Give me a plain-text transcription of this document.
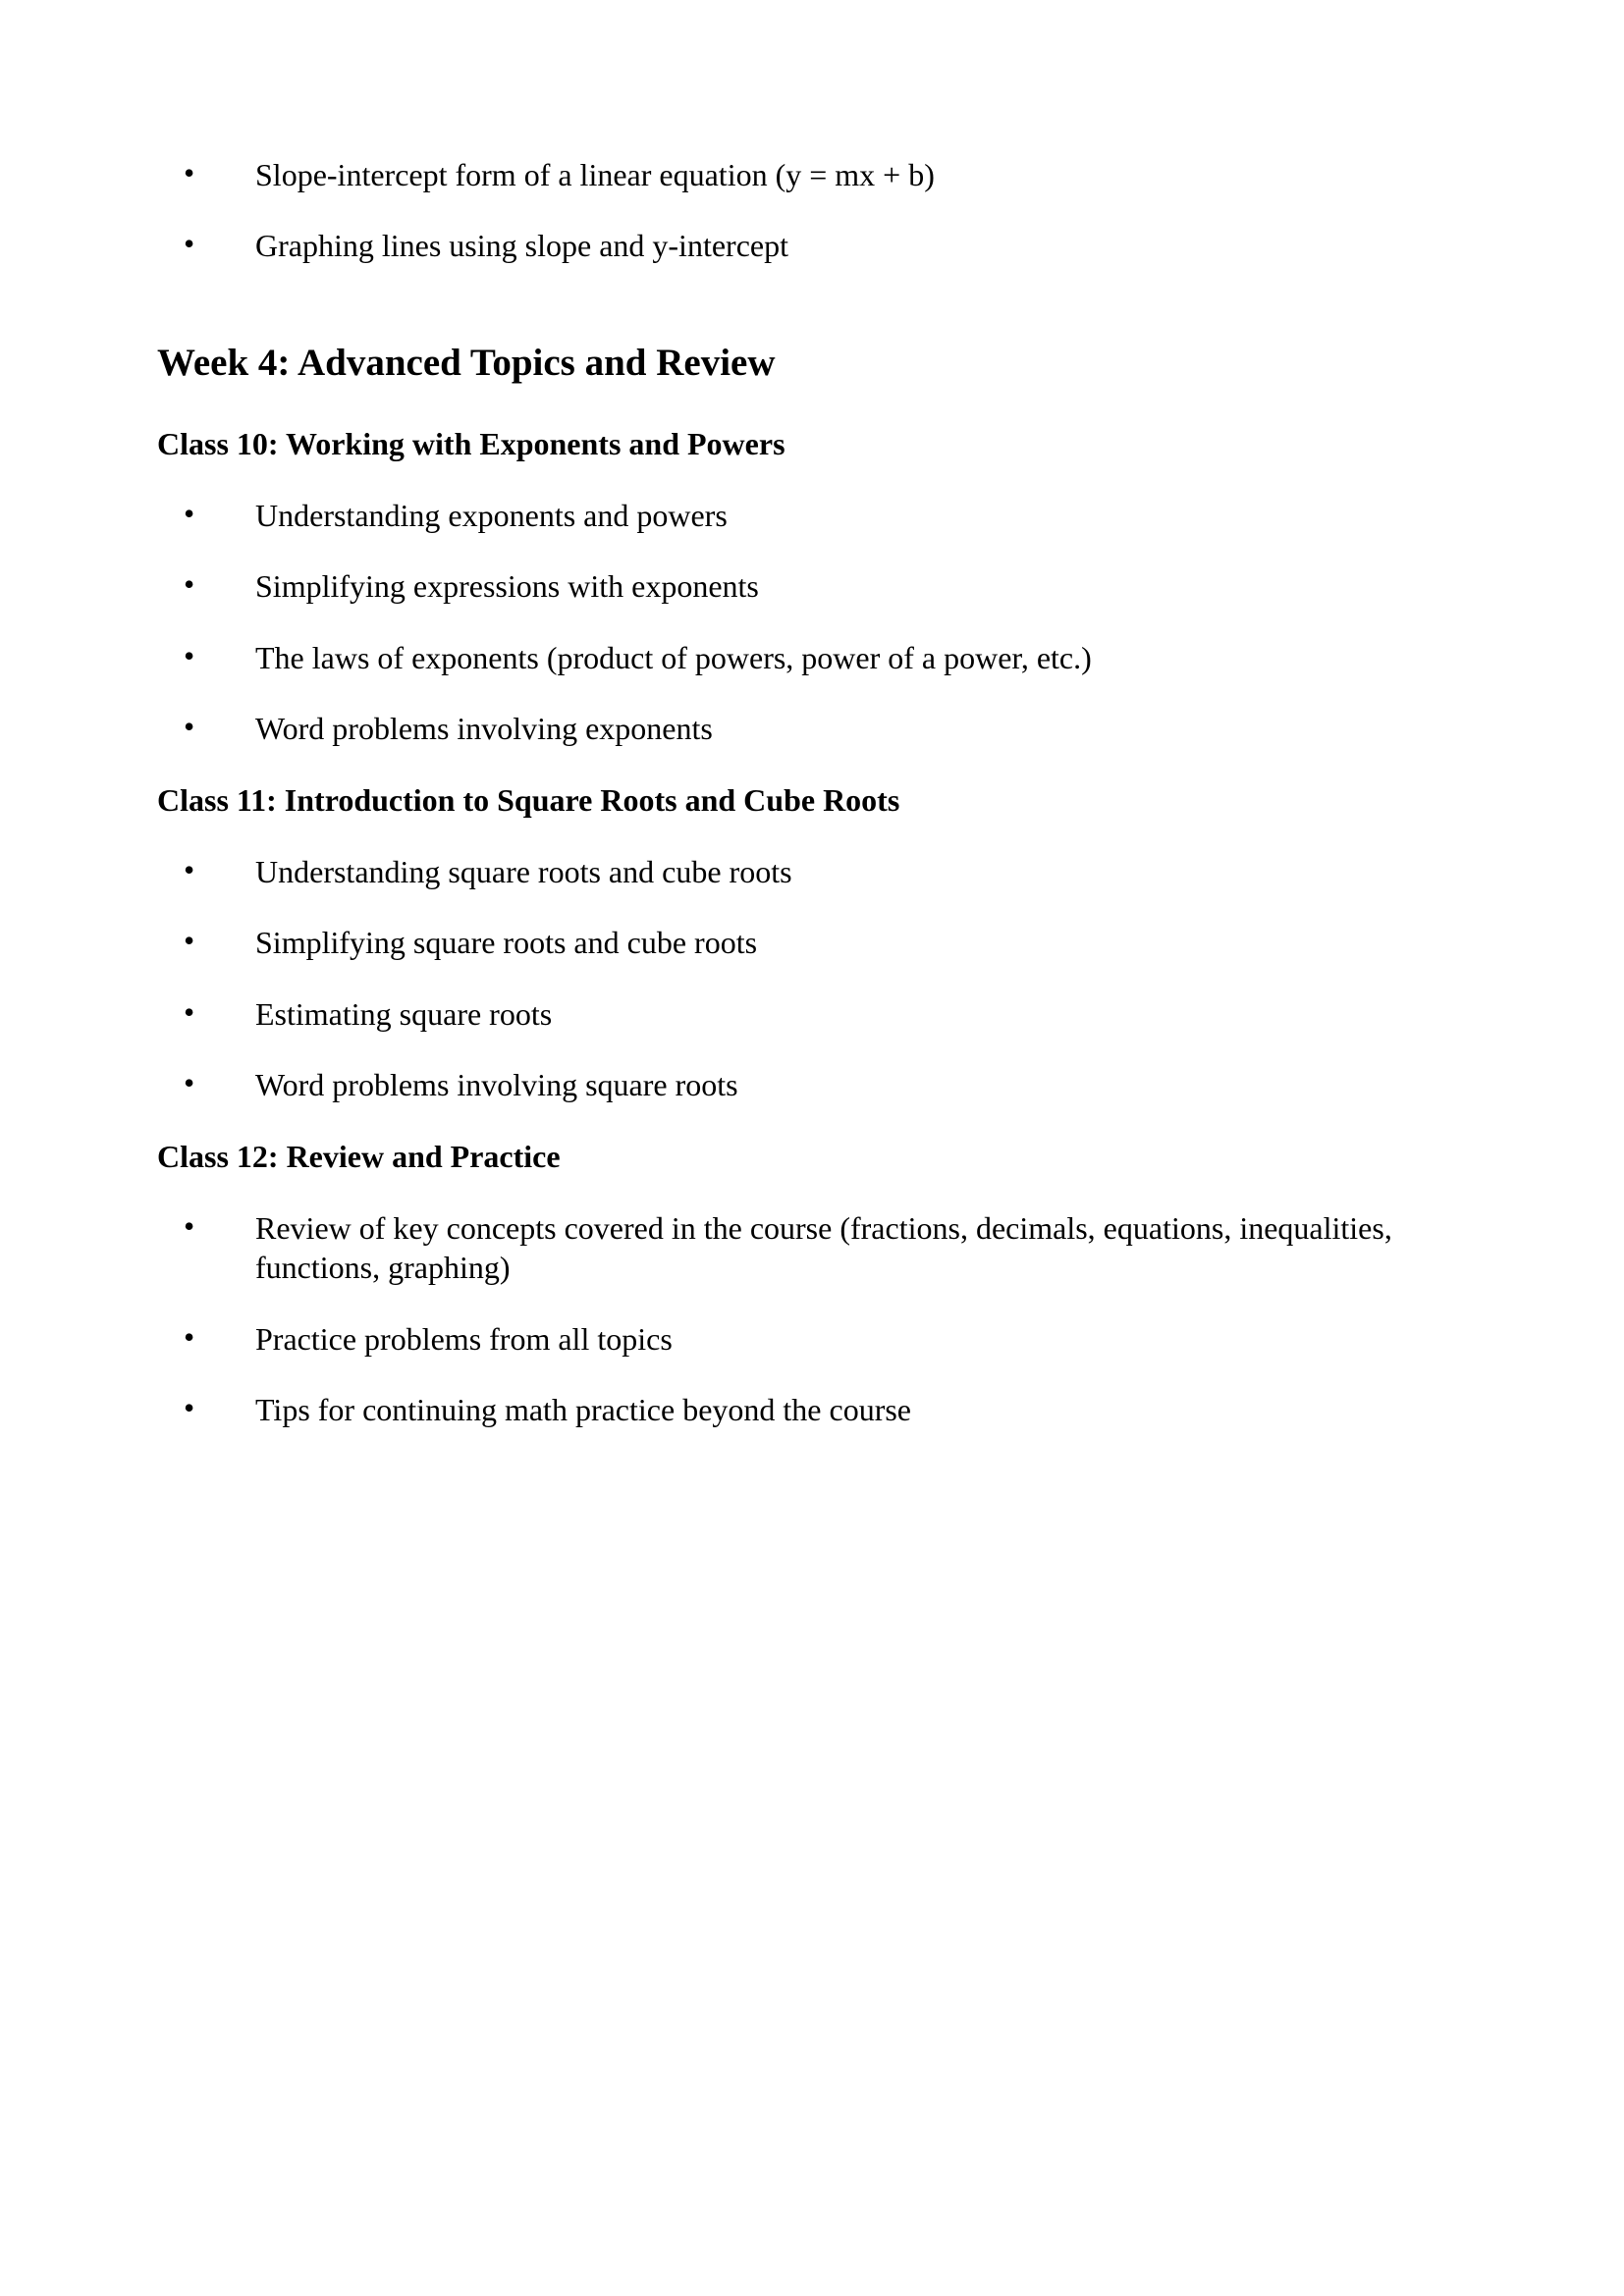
• Slope-intercept form of a linear equation (y = mx + b)
• Graphing lines using slope and y-intercept
Week 4: Advanced Topics and Review
Class 10: Working with Exponents and Powers
• Understanding exponents and powers
• Simplifying expressions with exponents
• The laws of exponents (product of powers, power of a power, etc.)
• Word problems involving exponents
Class 11: Introduction to Square Roots and Cube Roots
• Understanding square roots and cube roots
• Simplifying square roots and cube roots
• Estimating square roots
• Word problems involving square roots
Class 12: Review and Practice
• Review of key concepts covered in the course (fractions, decimals, equations, inequalities, functions, graphing)
• Practice problems from all topics
• Tips for continuing math practice beyond the course
